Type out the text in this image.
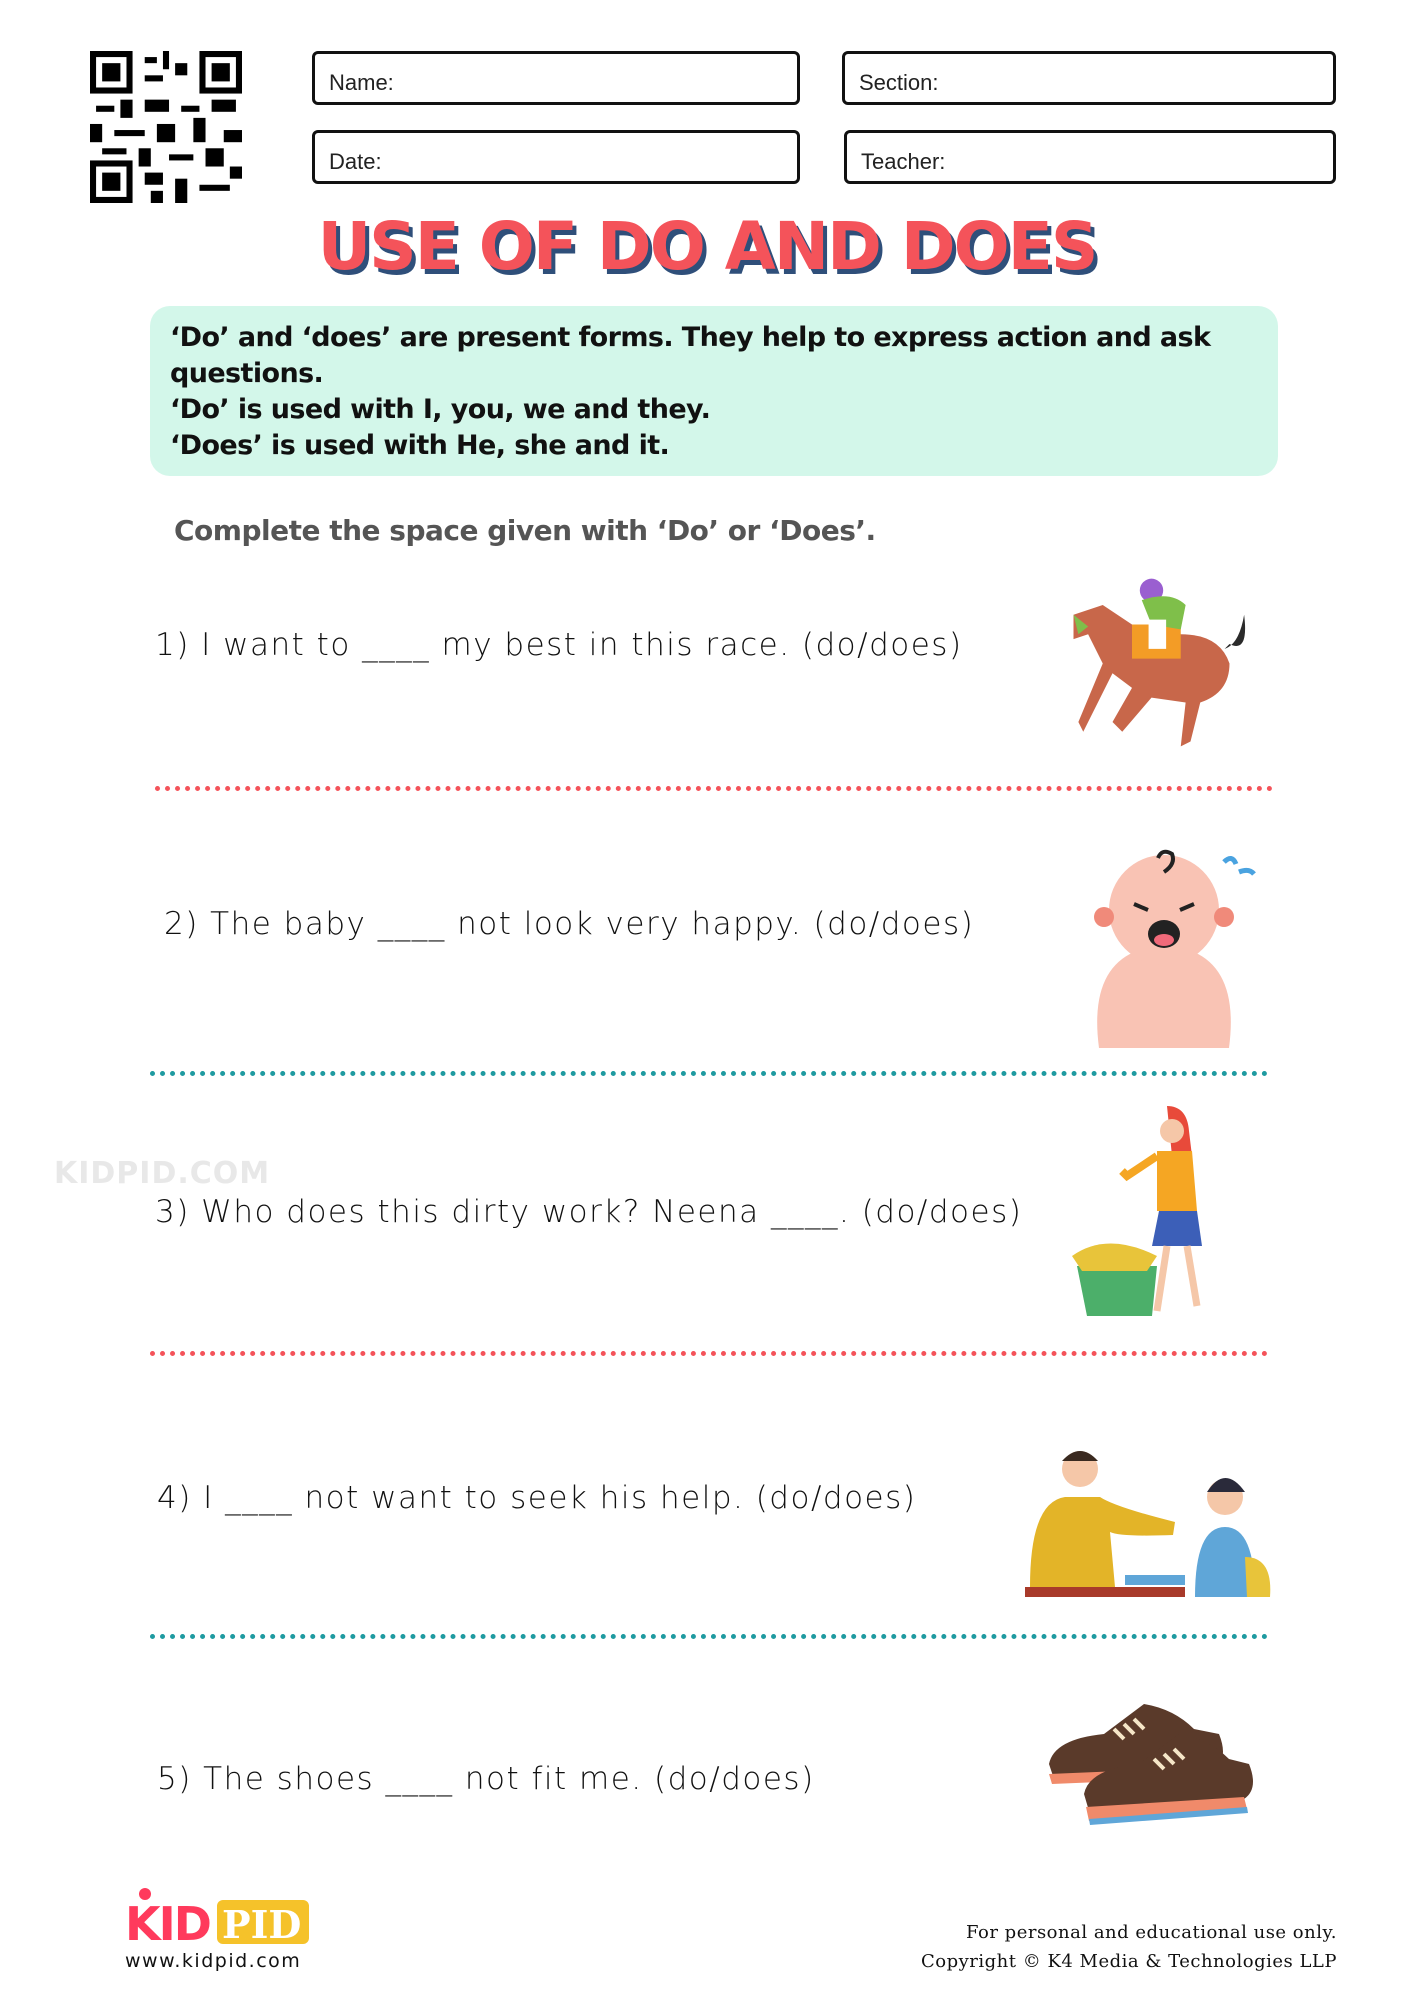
Name:	Section:
Date:	Teacher:
USE OF DO AND DOES
‘Do’ and ‘does’ are present forms. They help to express action and ask questions.
‘Do’ is used with I, you, we and they.
‘Does’ is used with He, she and it.
Complete the space given with ‘Do’ or ‘Does’.
1) I want to ____ my best in this race. (do/does)
2) The baby ____ not look very happy. (do/does)
KIDPID.COM
3) Who does this dirty work? Neena ____. (do/does)
4) I ____ not want to seek his help. (do/does)
5) The shoes ____ not fit me. (do/does)
KID PID
www.kidpid.com
For personal and educational use only.
Copyright © K4 Media & Technologies LLP
